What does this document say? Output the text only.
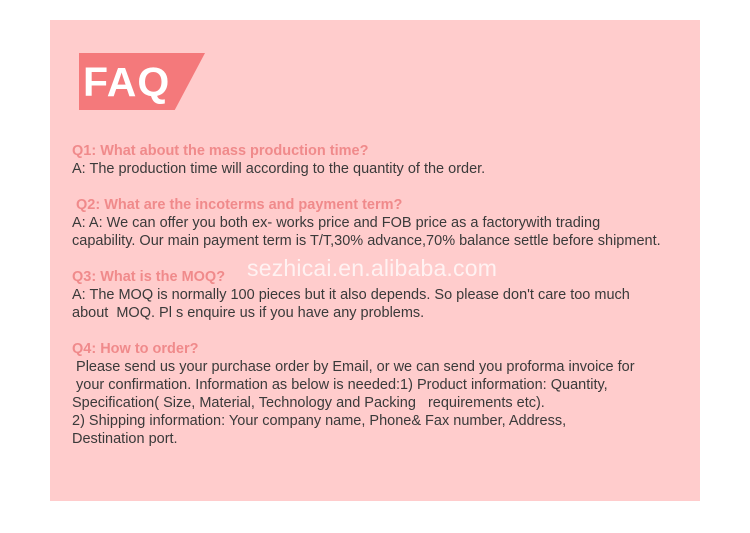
FAQ
Q1: What about the mass production time?
A: The production time will according to the quantity of the order.
Q2: What are the incoterms and payment term?
A: A: We can offer you both ex- works price and FOB price as a factorywith trading
capability. Our main payment term is T/T,30% advance,70% balance settle before shipment.
Q3: What is the MOQ?
A: The MOQ is normally 100 pieces but it also depends. So please don't care too much
about  MOQ. Pl s enquire us if you have any problems.
Q4: How to order?
Please send us your purchase order by Email, or we can send you proforma invoice for
your confirmation. Information as below is needed:1) Product information: Quantity,
Specification( Size, Material, Technology and Packing   requirements etc).
2) Shipping information: Your company name, Phone& Fax number, Address,
Destination port.

sezhicai.en.alibaba.com
